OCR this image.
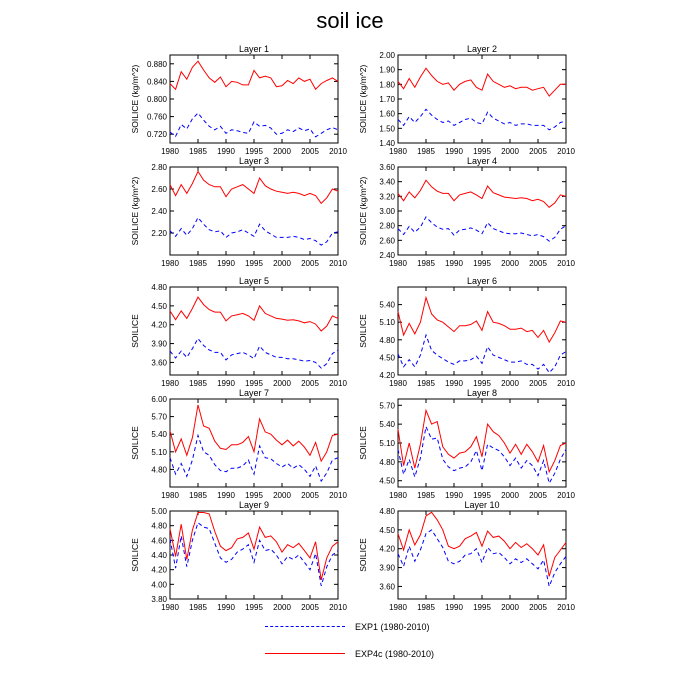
soil ice
Layer 1
0.720
0.760
0.800
0.840
0.880
1980 1985 1990 1995 2000 2005 2010
SOILICE (kg/m^2)
Layer 2
1.40
1.50
1.60
1.70
1.80
1.90
2.00
1980 1985 1990 1995 2000 2005 2010
SOILICE (kg/m^2)
Layer 3
2.20
2.40
2.60
2.80
1980 1985 1990 1995 2000 2005 2010
SOILICE (kg/m^2)
Layer 4
2.40
2.60
2.80
3.00
3.20
3.40
3.60
1980 1985 1990 1995 2000 2005 2010
SOILICE (kg/m^2)
Layer 5
3.60
3.90
4.20
4.50
4.80
1980 1985 1990 1995 2000 2005 2010
SOILICE
Layer 6
4.20
4.50
4.80
5.10
5.40
1980 1985 1990 1995 2000 2005 2010
SOILICE
Layer 7
4.80
5.10
5.40
5.70
6.00
1980 1985 1990 1995 2000 2005 2010
SOILICE
Layer 8
4.50
4.80
5.10
5.40
5.70
1980 1985 1990 1995 2000 2005 2010
SOILICE
Layer 9
3.80
4.00
4.20
4.40
4.60
4.80
5.00
1980 1985 1990 1995 2000 2005 2010
SOILICE
Layer 10
3.60
3.90
4.20
4.50
4.80
1980 1985 1990 1995 2000 2005 2010
SOILICE
EXP1 (1980-2010)
EXP4c (1980-2010)
